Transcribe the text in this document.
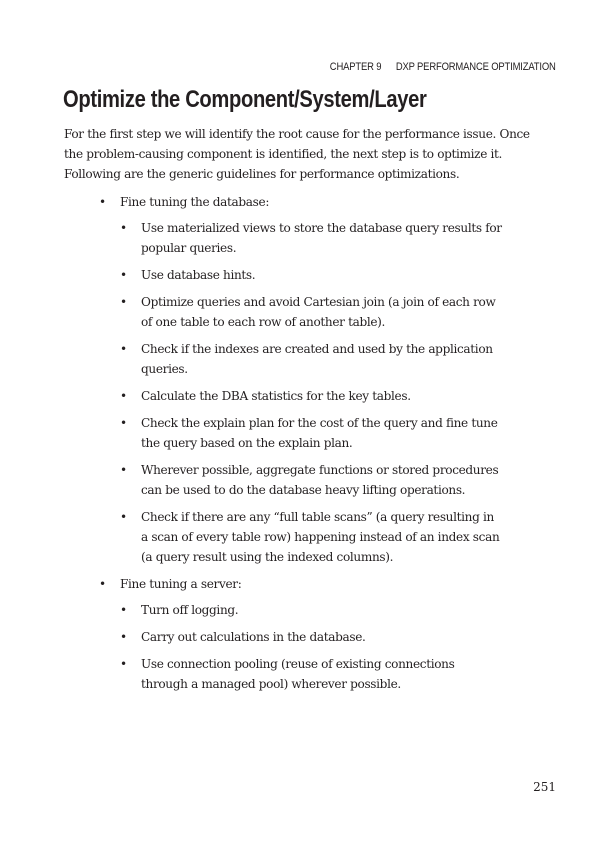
CHAPTER 9 DXP PERFORMANCE OPTIMIZATION
Optimize the Component/System/Layer

For the first step we will identify the root cause for the performance issue. Once the problem-causing component is identified, the next step is to optimize it. Following are the generic guidelines for performance optimizations.

• Fine tuning the database:
• Use materialized views to store the database query results for popular queries.
• Use database hints.
• Optimize queries and avoid Cartesian join (a join of each row of one table to each row of another table).
• Check if the indexes are created and used by the application queries.
• Calculate the DBA statistics for the key tables.
• Check the explain plan for the cost of the query and fine tune the query based on the explain plan.
• Wherever possible, aggregate functions or stored procedures can be used to do the database heavy lifting operations.
• Check if there are any “full table scans” (a query resulting in a scan of every table row) happening instead of an index scan (a query result using the indexed columns).
• Fine tuning a server:
• Turn off logging.
• Carry out calculations in the database.
• Use connection pooling (reuse of existing connections through a managed pool) wherever possible.
251
